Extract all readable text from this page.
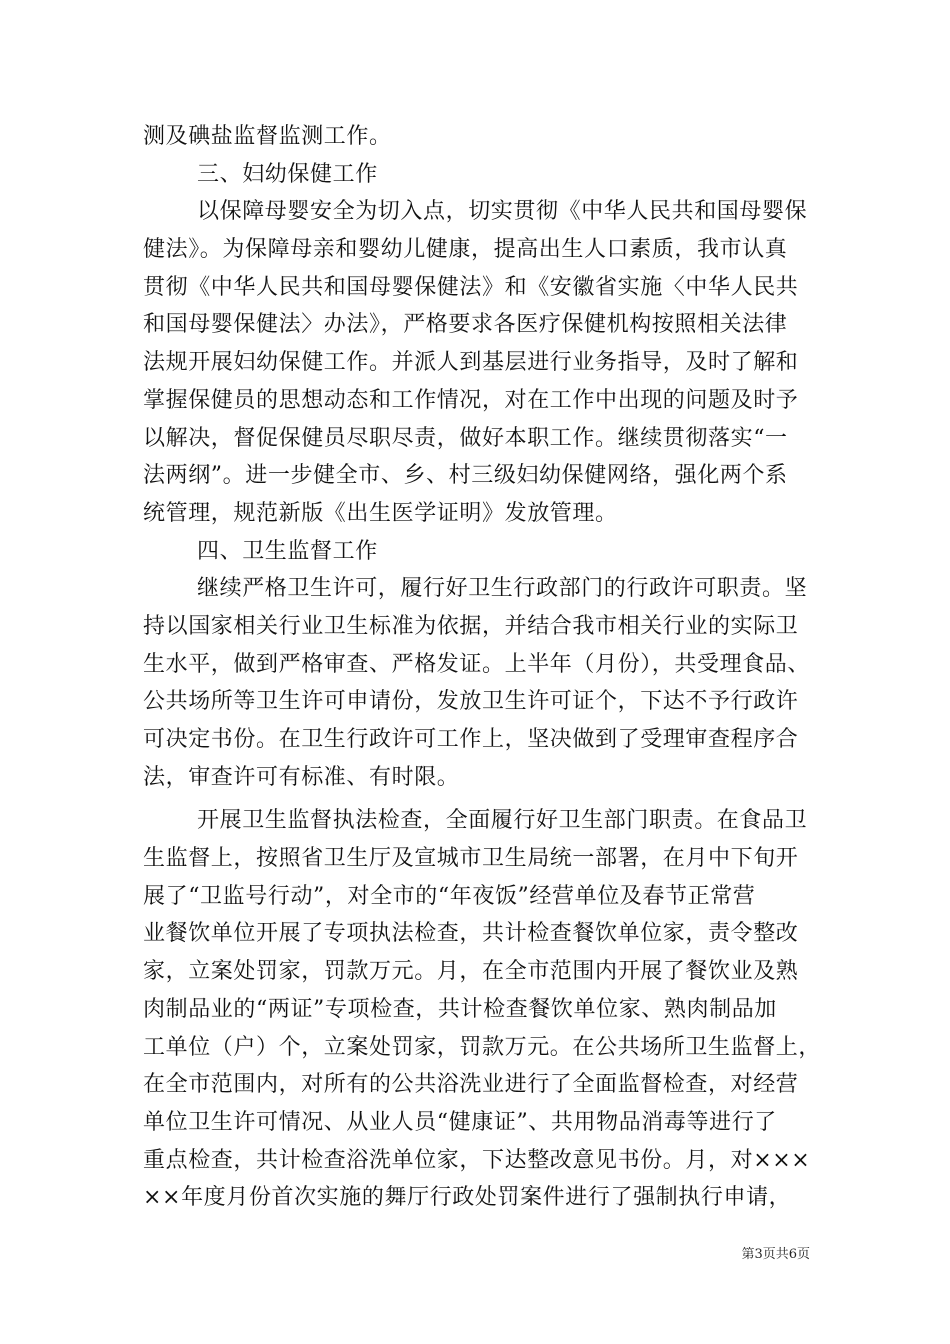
测及碘盐监督监测工作。
三、妇幼保健工作
以保障母婴安全为切入点，切实贯彻《中华人民共和国母婴保
健法》。为保障母亲和婴幼儿健康，提高出生人口素质，我市认真
贯彻《中华人民共和国母婴保健法》和《安徽省实施〈中华人民共
和国母婴保健法〉办法》，严格要求各医疗保健机构按照相关法律
法规开展妇幼保健工作。并派人到基层进行业务指导，及时了解和
掌握保健员的思想动态和工作情况，对在工作中出现的问题及时予
以解决，督促保健员尽职尽责，做好本职工作。继续贯彻落实“一
法两纲”。进一步健全市、乡、村三级妇幼保健网络，强化两个系
统管理，规范新版《出生医学证明》发放管理。
四、卫生监督工作
继续严格卫生许可，履行好卫生行政部门的行政许可职责。坚
持以国家相关行业卫生标准为依据，并结合我市相关行业的实际卫
生水平，做到严格审查、严格发证。上半年（月份），共受理食品、
公共场所等卫生许可申请份，发放卫生许可证个，下达不予行政许
可决定书份。在卫生行政许可工作上，坚决做到了受理审查程序合
法，审查许可有标准、有时限。
开展卫生监督执法检查，全面履行好卫生部门职责。在食品卫
生监督上，按照省卫生厅及宣城市卫生局统一部署，在月中下旬开
展了“卫监号行动”，对全市的“年夜饭”经营单位及春节正常营
业餐饮单位开展了专项执法检查，共计检查餐饮单位家，责令整改
家，立案处罚家，罚款万元。月，在全市范围内开展了餐饮业及熟
肉制品业的“两证”专项检查，共计检查餐饮单位家、熟肉制品加
工单位（户）个，立案处罚家，罚款万元。在公共场所卫生监督上，
在全市范围内，对所有的公共浴洗业进行了全面监督检查，对经营
单位卫生许可情况、从业人员“健康证”、共用物品消毒等进行了
重点检查，共计检查浴洗单位家，下达整改意见书份。月，对×××
××年度月份首次实施的舞厅行政处罚案件进行了强制执行申请，
第3页共6页
